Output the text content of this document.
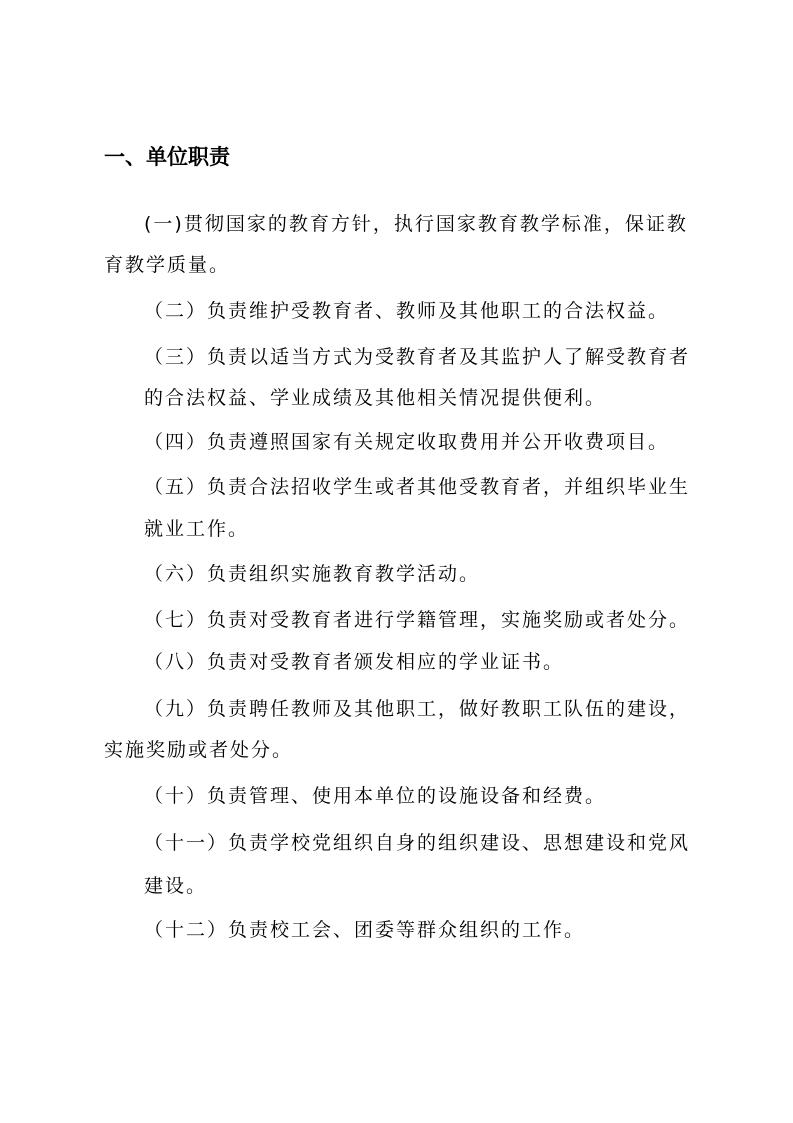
一、单位职责
(一)贯彻国家的教育方针，执行国家教育教学标准，保证教
育教学质量。
（二）负责维护受教育者、教师及其他职工的合法权益。
（三）负责以适当方式为受教育者及其监护人了解受教育者
的合法权益、学业成绩及其他相关情况提供便利。
（四）负责遵照国家有关规定收取费用并公开收费项目。
（五）负责合法招收学生或者其他受教育者，并组织毕业生
就业工作。
（六）负责组织实施教育教学活动。
（七）负责对受教育者进行学籍管理，实施奖励或者处分。
（八）负责对受教育者颁发相应的学业证书。
（九）负责聘任教师及其他职工，做好教职工队伍的建设，
实施奖励或者处分。
（十）负责管理、使用本单位的设施设备和经费。
（十一）负责学校党组织自身的组织建设、思想建设和党风
建设。
（十二）负责校工会、团委等群众组织的工作。
